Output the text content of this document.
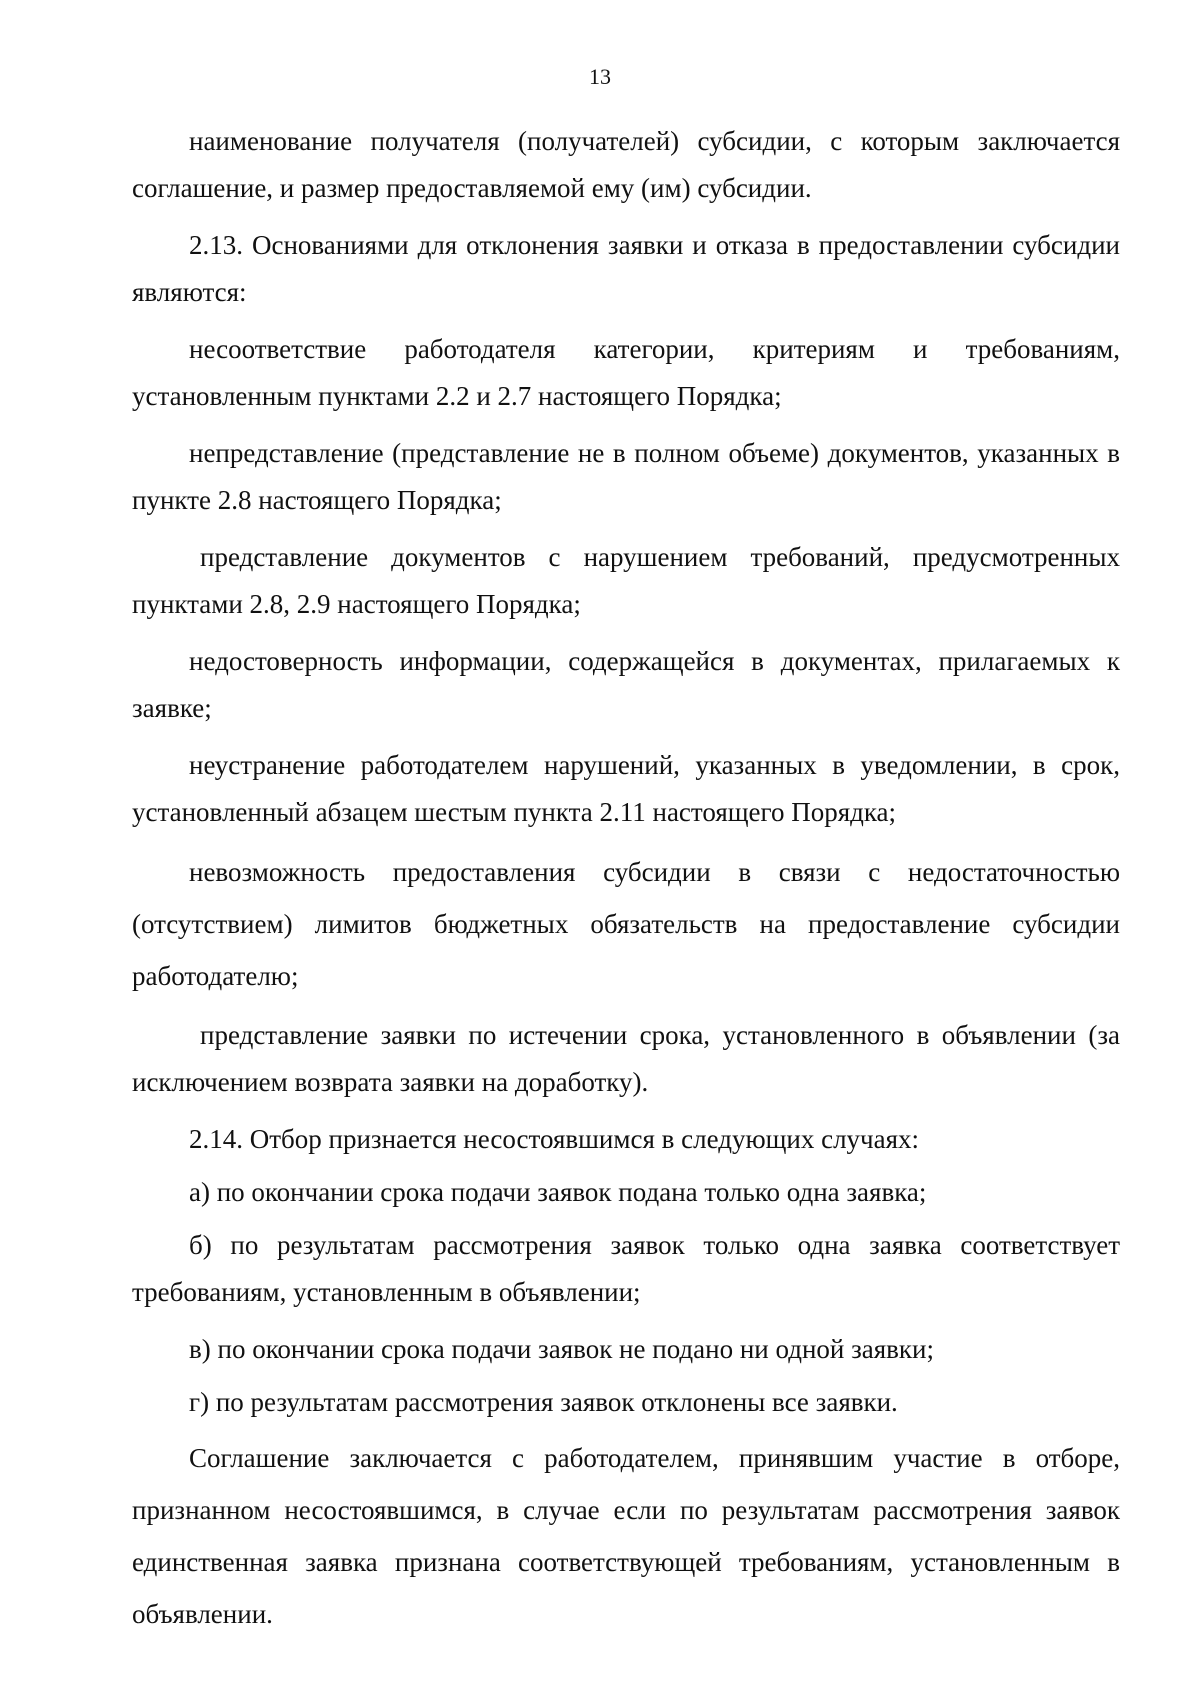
13

наименование получателя (получателей) субсидии, с которым заключается соглашение, и размер предоставляемой ему (им) субсидии.

2.13. Основаниями для отклонения заявки и отказа в предоставлении субсидии являются:

несоответствие работодателя категории, критериям и требованиям, установленным пунктами 2.2 и 2.7 настоящего Порядка;

непредставление (представление не в полном объеме) документов, указанных в пункте 2.8 настоящего Порядка;

представление документов с нарушением требований, предусмотренных пунктами 2.8, 2.9 настоящего Порядка;

недостоверность информации, содержащейся в документах, прилагаемых к заявке;

неустранение работодателем нарушений, указанных в уведомлении, в срок, установленный абзацем шестым пункта 2.11 настоящего Порядка;

невозможность предоставления субсидии в связи с недостаточностью (отсутствием) лимитов бюджетных обязательств на предоставление субсидии работодателю;

представление заявки по истечении срока, установленного в объявлении (за исключением возврата заявки на доработку).

2.14. Отбор признается несостоявшимся в следующих случаях:

а) по окончании срока подачи заявок подана только одна заявка;

б) по результатам рассмотрения заявок только одна заявка соответствует требованиям, установленным в объявлении;

в) по окончании срока подачи заявок не подано ни одной заявки;

г) по результатам рассмотрения заявок отклонены все заявки.

Соглашение заключается с работодателем, принявшим участие в отборе, признанном несостоявшимся, в случае если по результатам рассмотрения заявок единственная заявка признана соответствующей требованиям, установленным в объявлении.
